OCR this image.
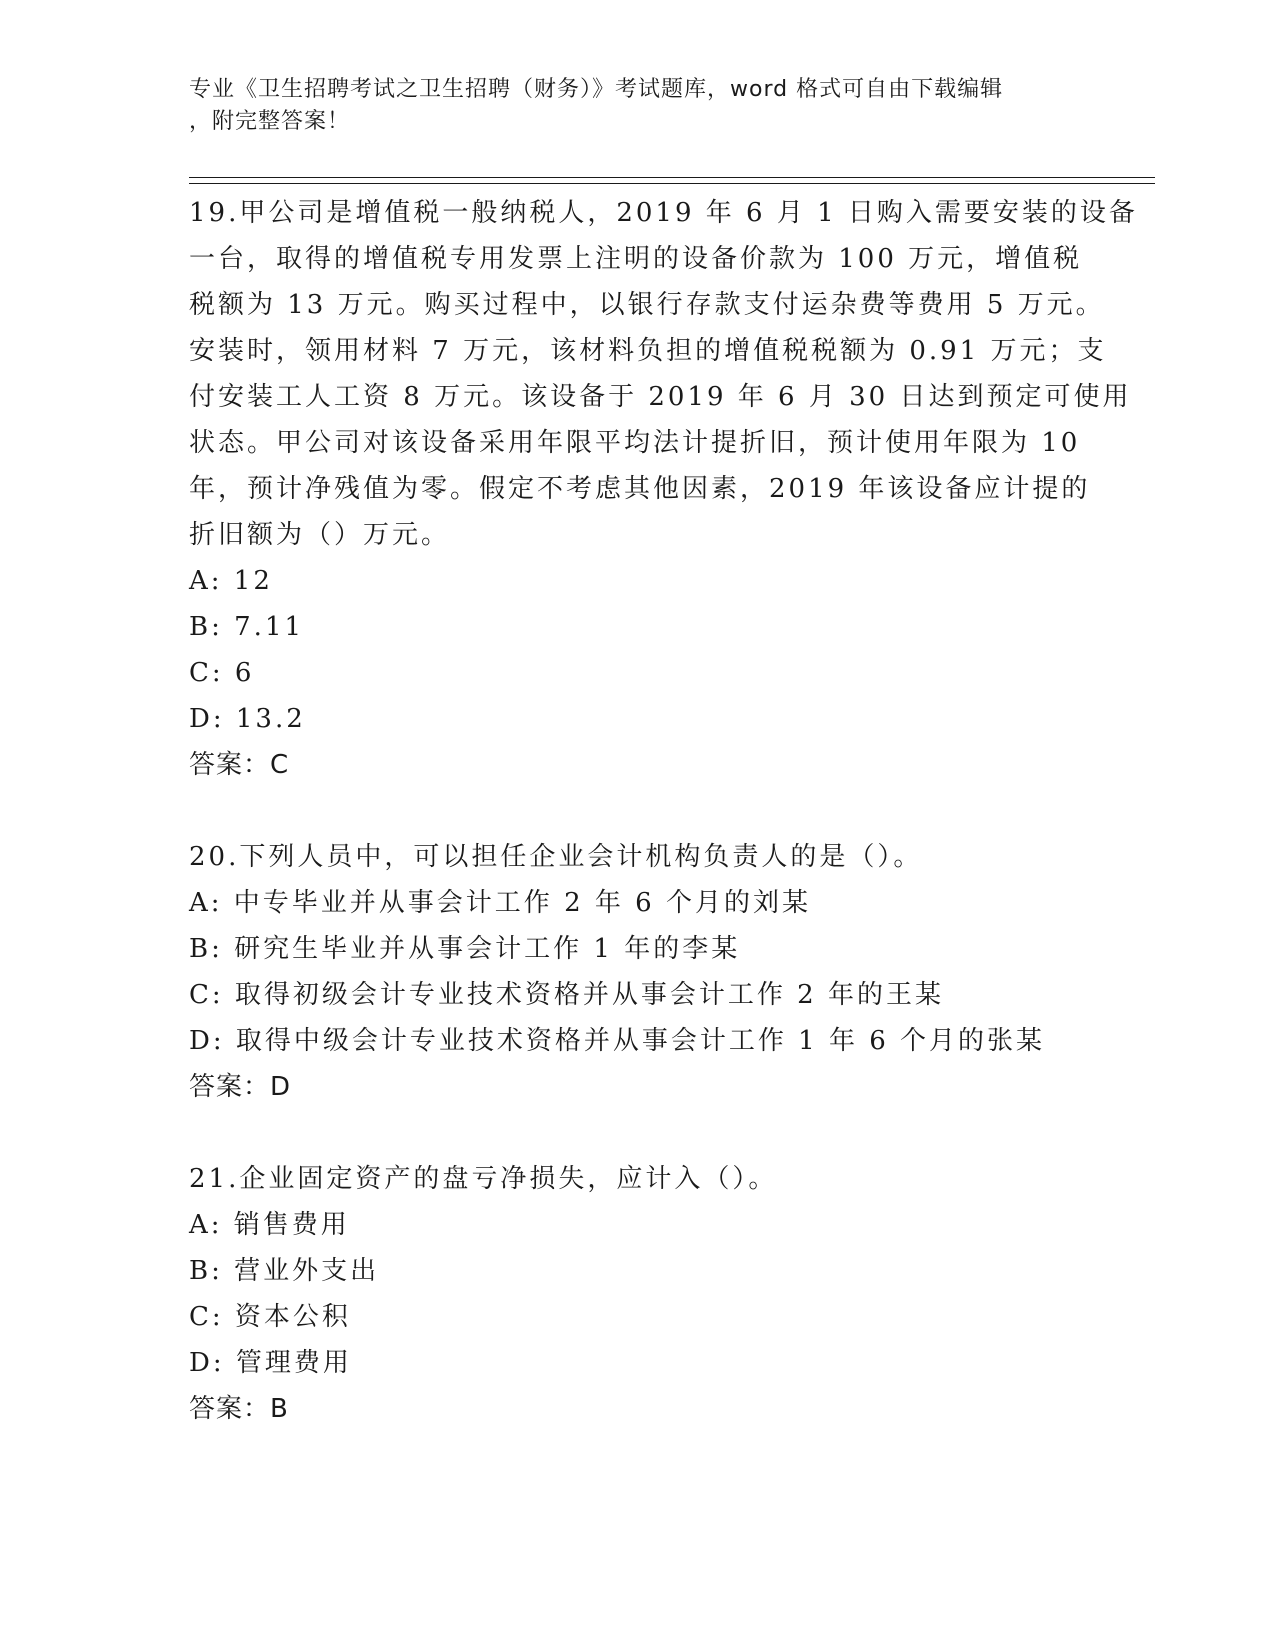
专业《卫生招聘考试之卫生招聘（财务）》考试题库，word 格式可自由下载编辑
，附完整答案！
19.甲公司是增值税一般纳税人，2019 年 6 月 1 日购入需要安装的设备
一台，取得的增值税专用发票上注明的设备价款为 100 万元，增值税
税额为 13 万元。购买过程中，以银行存款支付运杂费等费用 5 万元。
安装时，领用材料 7 万元，该材料负担的增值税税额为 0.91 万元；支
付安装工人工资 8 万元。该设备于 2019 年 6 月 30 日达到预定可使用
状态。甲公司对该设备采用年限平均法计提折旧，预计使用年限为 10
年，预计净残值为零。假定不考虑其他因素，2019 年该设备应计提的
折旧额为（）万元。
A: 12
B: 7.11
C: 6
D: 13.2
答案：C
20.下列人员中，可以担任企业会计机构负责人的是（）。
A: 中专毕业并从事会计工作 2 年 6 个月的刘某
B: 研究生毕业并从事会计工作 1 年的李某
C: 取得初级会计专业技术资格并从事会计工作 2 年的王某
D: 取得中级会计专业技术资格并从事会计工作 1 年 6 个月的张某
答案：D
21.企业固定资产的盘亏净损失，应计入（）。
A: 销售费用
B: 营业外支出
C: 资本公积
D: 管理费用
答案：B
